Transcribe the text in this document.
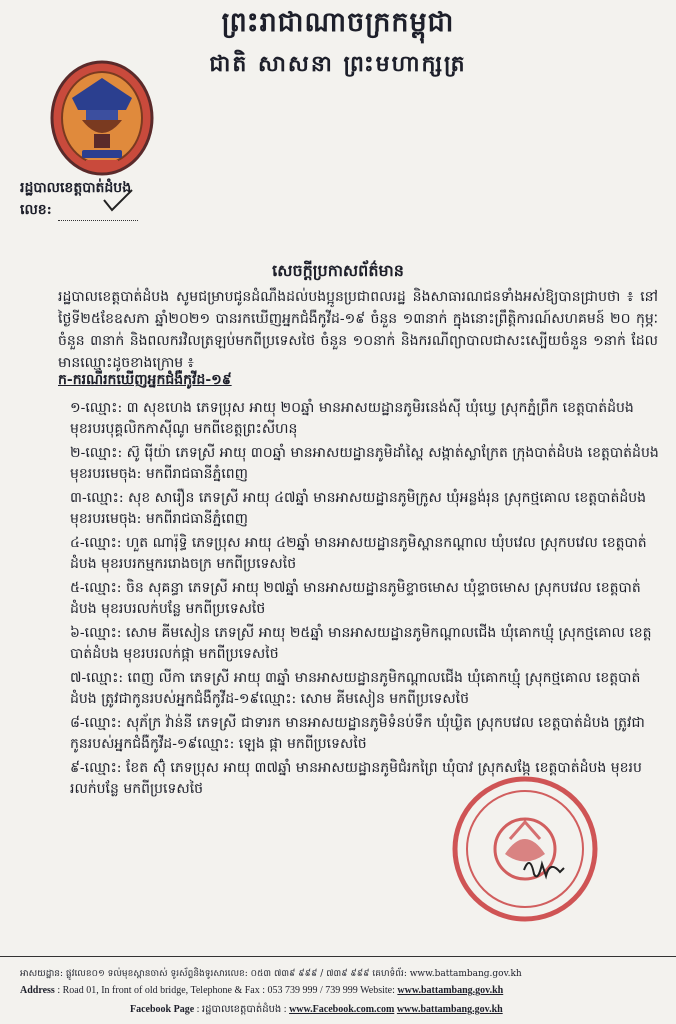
ព្រះរាជាណាចក្រកម្ពុជា
ជាតិ សាសនា ព្រះមហាក្សត្រ
រដ្ឋបាលខេត្តបាត់ដំបង
លេខ:
សេចក្តីប្រកាសព័ត៌មាន
រដ្ឋបាលខេត្តបាត់ដំបង សូមជម្រាបជូនដំណឹងដល់បងប្អូនប្រជាពលរដ្ឋ និងសាធារណជនទាំងអស់ឱ្យបានជ្រាបថា ៖ នៅថ្ងៃទី២៥ខែឧសភា ឆ្នាំ២០២១ បានរកឃើញអ្នកជំងឺកូវីដ-១៩ ចំនួន ១៣នាក់ ក្នុងនោះព្រឹត្តិការណ៍សហគមន៍ ២០ កុម្ភៈ ចំនួន ៣នាក់ និងពលករវិលត្រឡប់មកពីប្រទេសថៃ ចំនួន ១០នាក់ និងករណីព្យាបាលជាសះស្បើយចំនួន ១នាក់ ដែលមានឈ្មោះដូចខាងក្រោម ៖
ក-ករណីរកឃើញអ្នកជំងឺកូវីដ-១៩
១-ឈ្មោះ: ៣ សុខហេង ភេទប្រុស អាយុ ២០ឆ្នាំ មានអាសយដ្ឋានភូមិរនេង់ស៊ី ឃុំឃ្វេ ស្រុកភ្នំព្រឹក ខេត្តបាត់ដំបង មុខរបរបុគ្គលិកកាស៊ីណូ មកពីខេត្តព្រះសីហនុ
២-ឈ្មោះ: ស៊ូ រ៉ើយ៉ា ភេទស្រី អាយុ ៣០ឆ្នាំ មានអាសយដ្ឋានភូមិដាំស្ពៃ សង្កាត់ស្លាក្រែត ក្រុងបាត់ដំបង ខេត្តបាត់ដំបង មុខរបរមេចុង: មកពីរាជធានីភ្នំពេញ
៣-ឈ្មោះ: សុខ សារឿន ភេទស្រី អាយុ ៤៧ឆ្នាំ មានអាសយដ្ឋានភូមិក្រូស ឃុំអន្លង់រុន ស្រុកថ្មគោល ខេត្តបាត់ដំបង មុខរបរមេចុង: មកពីរាជធានីភ្នំពេញ
៤-ឈ្មោះ: ហួត ណារ៉ុទ្ធិ ភេទប្រុស អាយុ ៤២ឆ្នាំ មានអាសយដ្ឋានភូមិស្ពានកណ្តាល ឃុំបវេល ស្រុកបវេល ខេត្តបាត់ដំបង មុខរបរកម្មកររោងចក្រ មកពីប្រទេសថៃ
៥-ឈ្មោះ: ចិន សុគន្ធា ភេទស្រី អាយុ ២៧ឆ្នាំ មានអាសយដ្ឋានភូមិខ្ទាចមោស ឃុំខ្ទាចមោស ស្រុកបវេល ខេត្តបាត់ដំបង មុខរបរលក់បន្លែ មកពីប្រទេសថៃ
៦-ឈ្មោះ: សោម គីមសៀន ភេទស្រី អាយុ ២៥ឆ្នាំ មានអាសយដ្ឋានភូមិកណ្តាលជើង ឃុំគោកឃ្មុំ ស្រុកថ្មគោល ខេត្តបាត់ដំបង មុខរបរលក់ផ្កា មកពីប្រទេសថៃ
៧-ឈ្មោះ: ពេញ លីកា ភេទស្រី អាយុ ៣ឆ្នាំ មានអាសយដ្ឋានភូមិកណ្តាលជើង ឃុំគោកឃ្មុំ ស្រុកថ្មគោល ខេត្តបាត់ដំបង ត្រូវជាកូនរបស់អ្នកជំងឺកូវីដ-១៩ឈ្មោះ: សោម គីមសៀន មកពីប្រទេសថៃ
៨-ឈ្មោះ: សុភ័ក្រ វ៉ាន់នី ភេទស្រី ជាទារក មានអាសយដ្ឋានភូមិទំនប់ទឹក ឃុំឃ្ងិត ស្រុកបវេល ខេត្តបាត់ដំបង ត្រូវជាកូនរបស់អ្នកជំងឺកូវីដ-១៩ឈ្មោះ: ឡេង ផ្កា មកពីប្រទេសថៃ
៩-ឈ្មោះ: ខែត ស៊ុំ ភេទប្រុស អាយុ ៣៧ឆ្នាំ មានអាសយដ្ឋានភូមិជំរកព្រៃ ឃុំបាវ ស្រុកសង្កែ ខេត្តបាត់ដំបង មុខរបរលក់បន្លែ មកពីប្រទេសថៃ
អាសយដ្ឋាន: ផ្លូវលេខ០១ ទល់មុខស្ពានចាស់ ទូរស័ព្ទនិងទូរសារលេខ: ០៥៣ ៧៣៩ ៩៩៩ / ៧៣៩ ៩៩៩ គេហទំព័រ: www.battambang.gov.kh
Address : Road 01, In front of old bridge, Telephone & Fax : 053 739 999 / 739 999 Website: www.battambang.gov.kh
Facebook Page : រដ្ឋបាលខេត្តបាត់ដំបង : www.Facebook.com.com www.battambang.gov.kh
